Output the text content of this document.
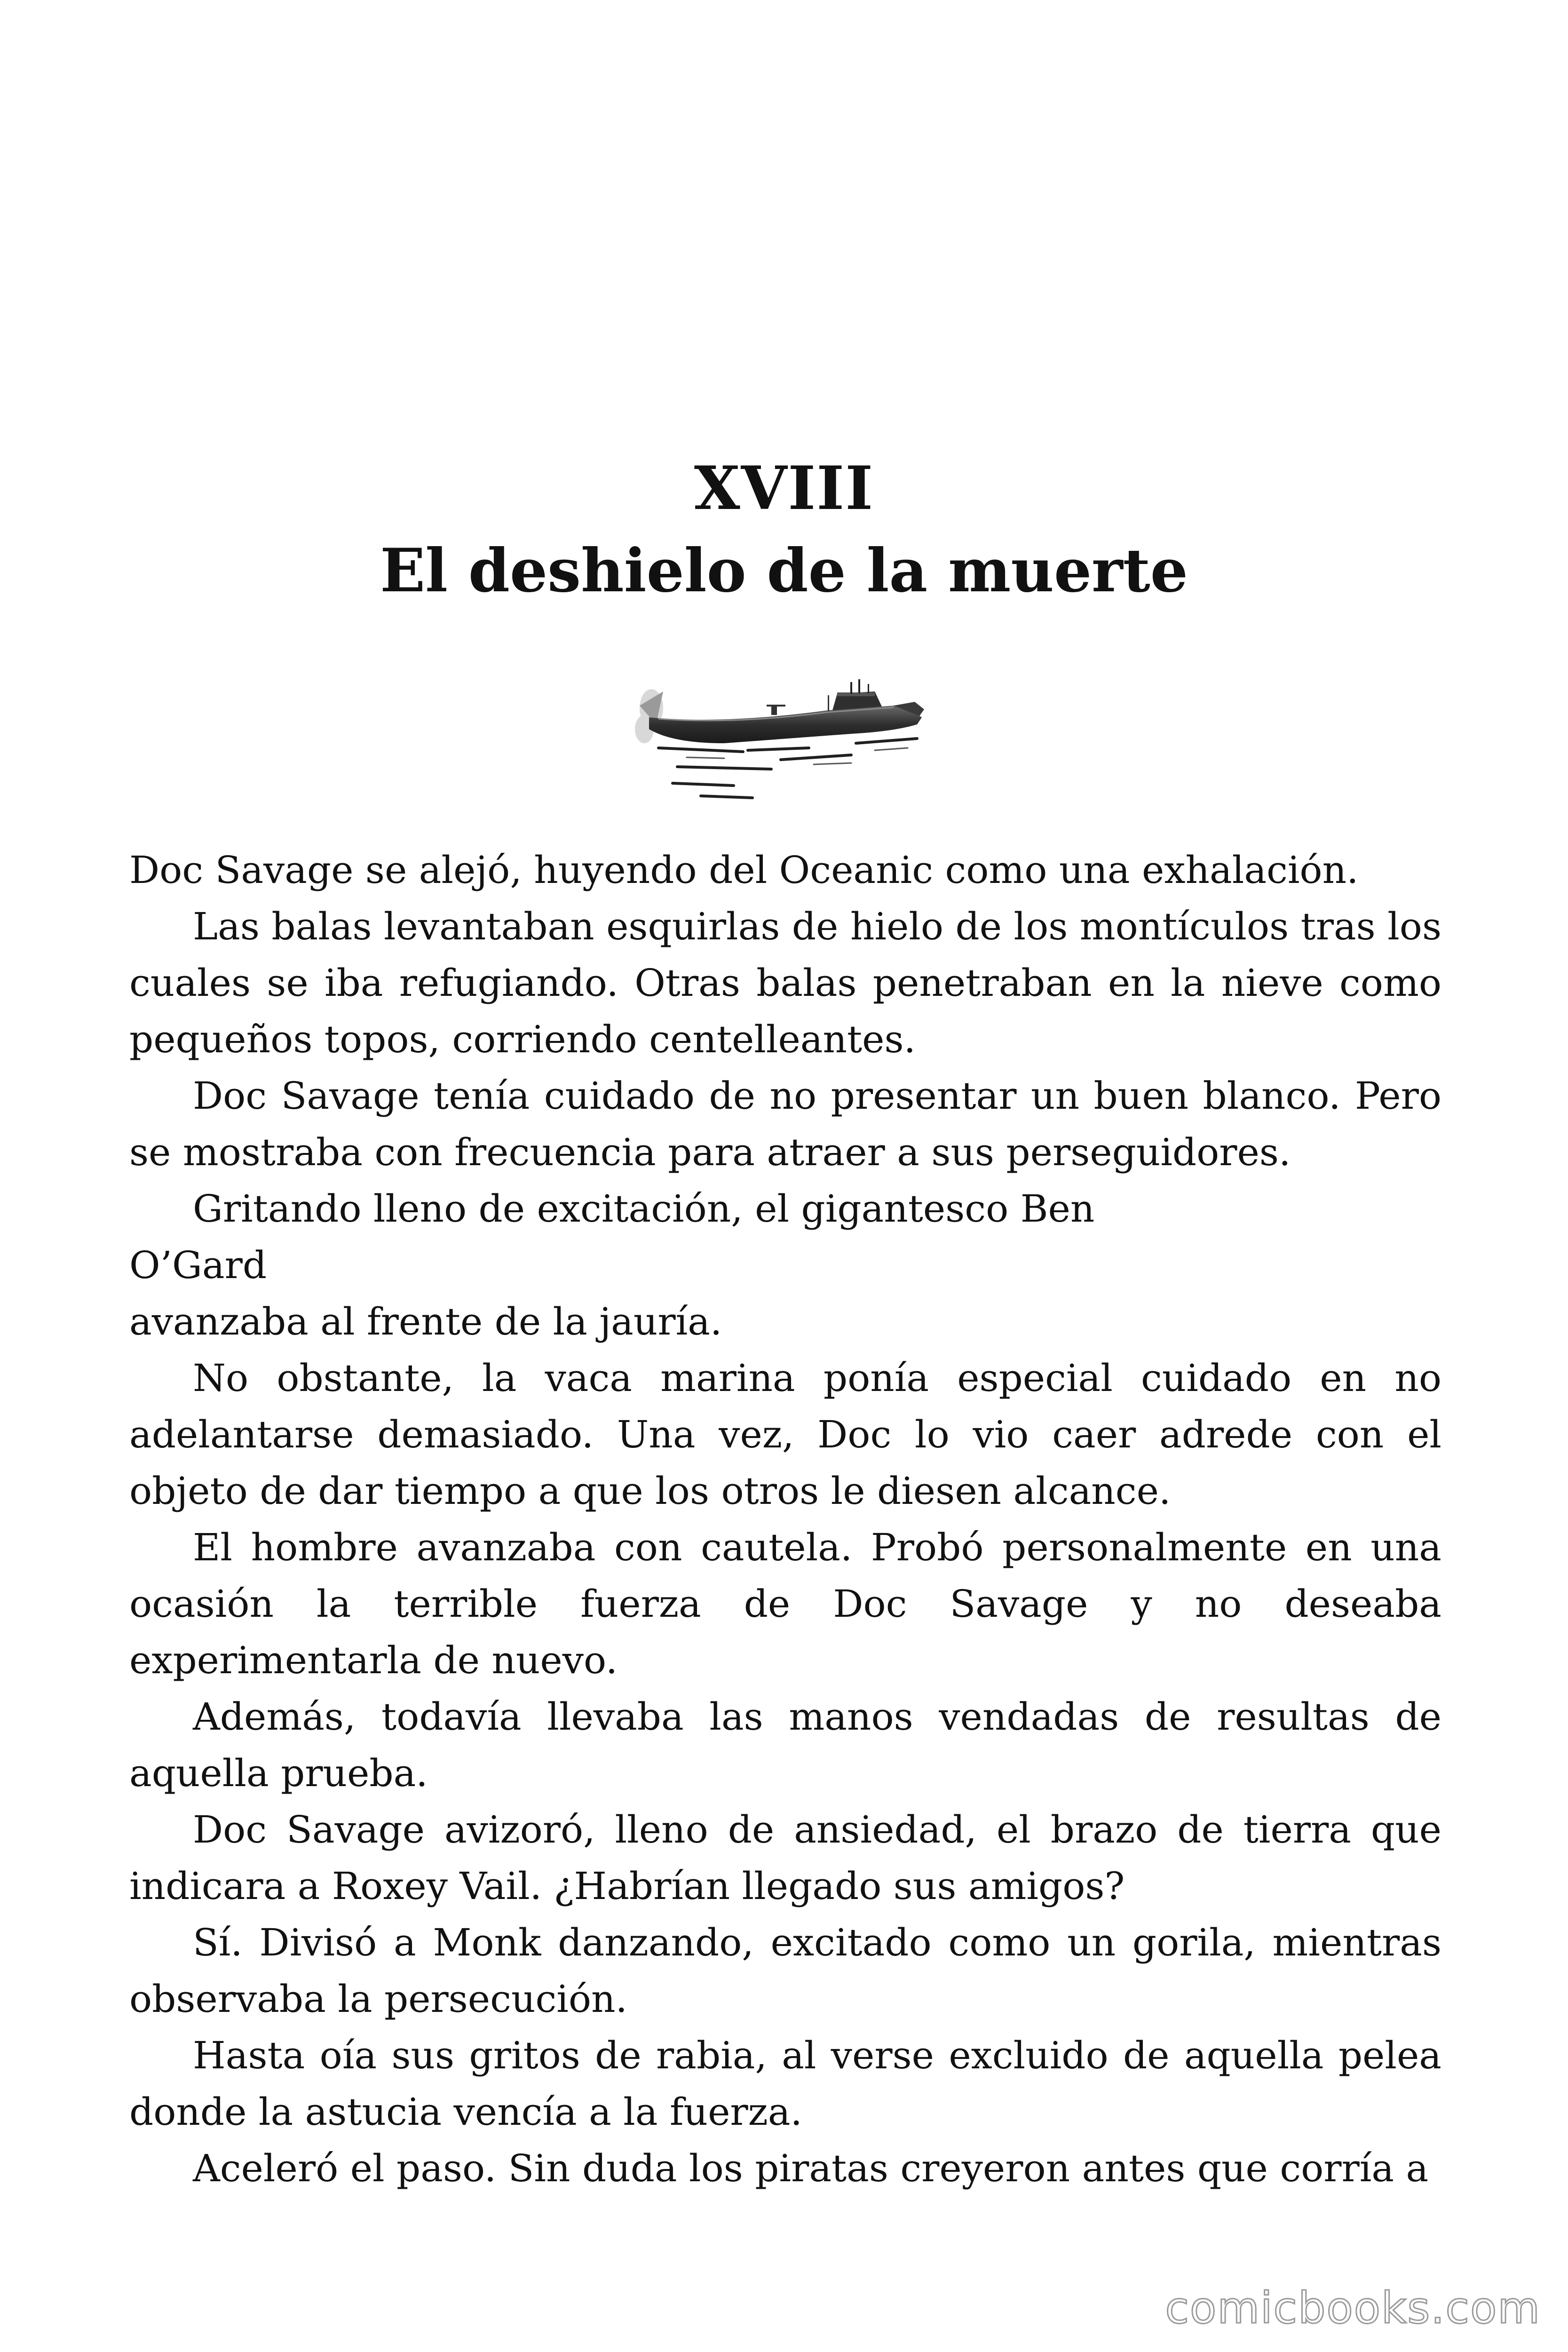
XVIII
El deshielo de la muerte

Doc Savage se alejó, huyendo del Oceanic como una exhalación.

Las balas levantaban esquirlas de hielo de los montículos tras los cuales se iba refugiando. Otras balas penetraban en la nieve como pequeños topos, corriendo centelleantes.

Doc Savage tenía cuidado de no presentar un buen blanco. Pero se mostraba con frecuencia para atraer a sus perseguidores.

Gritando lleno de excitación, el gigantesco Ben

O’Gard

avanzaba al frente de la jauría.

No obstante, la vaca marina ponía especial cuidado en no adelantarse demasiado. Una vez, Doc lo vio caer adrede con el objeto de dar tiempo a que los otros le diesen alcance.

El hombre avanzaba con cautela. Probó personalmente en una ocasión la terrible fuerza de Doc Savage y no deseaba experimentarla de nuevo.

Además, todavía llevaba las manos vendadas de resultas de aquella prueba.

Doc Savage avizoró, lleno de ansiedad, el brazo de tierra que indicara a Roxey Vail. ¿Habrían llegado sus amigos?

Sí. Divisó a Monk danzando, excitado como un gorila, mientras observaba la persecución.

Hasta oía sus gritos de rabia, al verse excluido de aquella pelea donde la astucia vencía a la fuerza.

Aceleró el paso. Sin duda los piratas creyeron antes que corría a

comicbooks.com
